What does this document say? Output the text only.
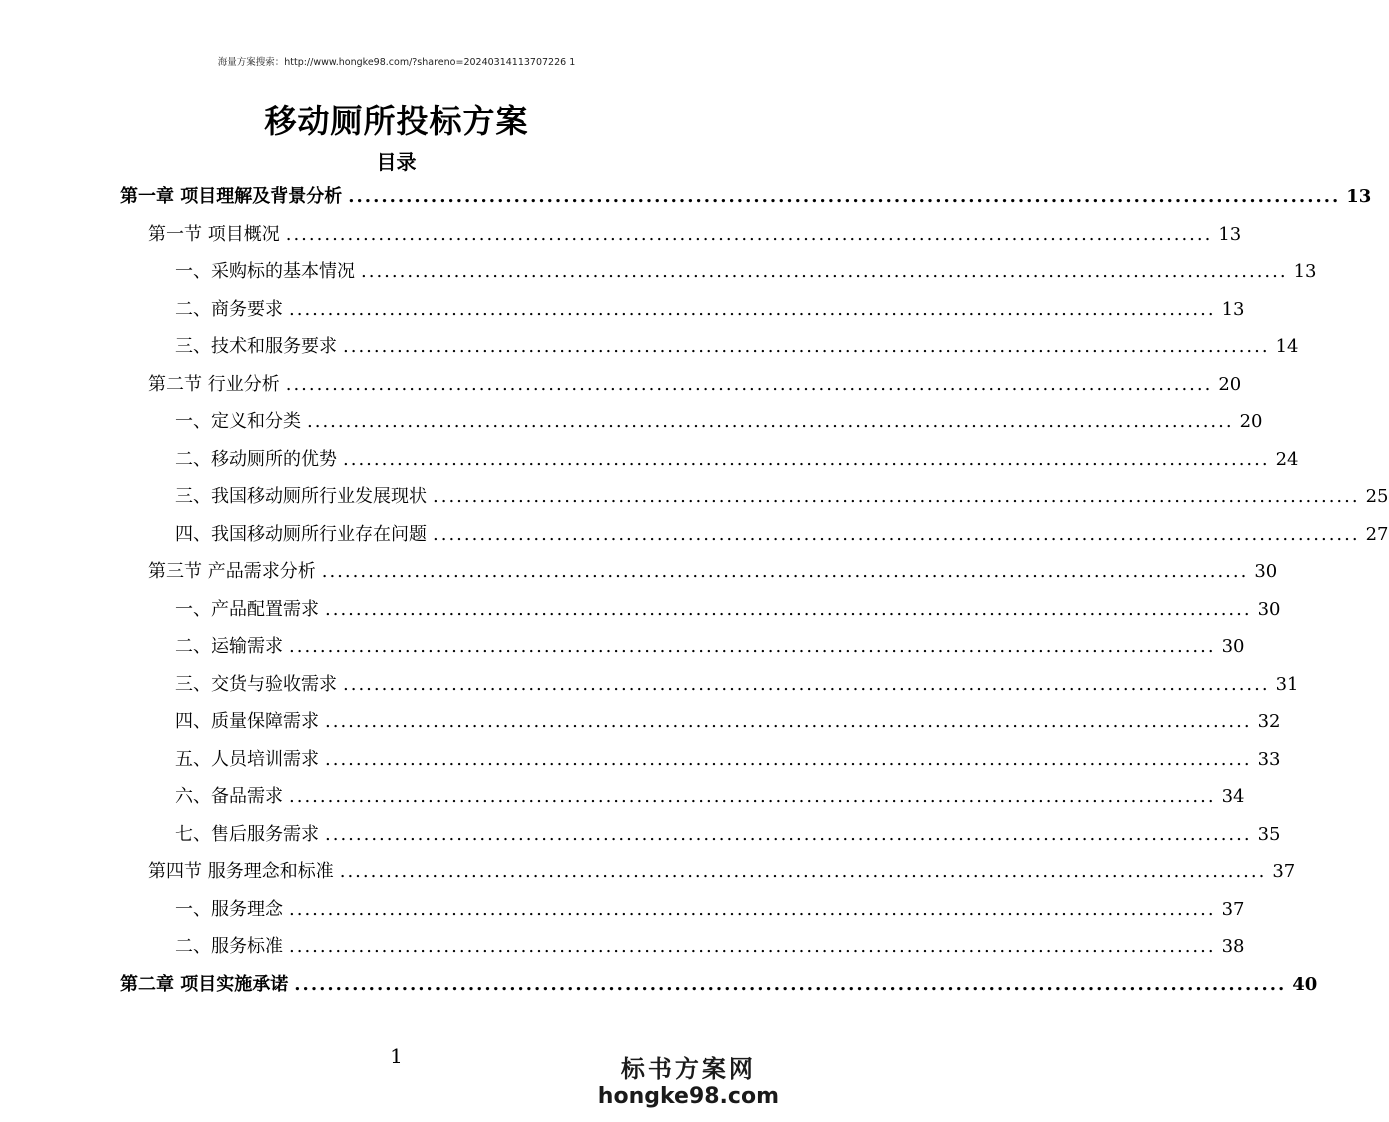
海量方案搜索：http://www.hongke98.com/?shareno=20240314113707226 1
移动厕所投标方案
目录
第一章 项目理解及背景分析 ........................................................................................................................ 13
第一节 项目概况 ........................................................................................................................ 13
一、采购标的基本情况 ........................................................................................................................ 13
二、商务要求 ........................................................................................................................ 13
三、技术和服务要求 ........................................................................................................................ 14
第二节 行业分析 ........................................................................................................................ 20
一、定义和分类 ........................................................................................................................ 20
二、移动厕所的优势 ........................................................................................................................ 24
三、我国移动厕所行业发展现状 ........................................................................................................................ 25
四、我国移动厕所行业存在问题 ........................................................................................................................ 27
第三节 产品需求分析 ........................................................................................................................ 30
一、产品配置需求 ........................................................................................................................ 30
二、运输需求 ........................................................................................................................ 30
三、交货与验收需求 ........................................................................................................................ 31
四、质量保障需求 ........................................................................................................................ 32
五、人员培训需求 ........................................................................................................................ 33
六、备品需求 ........................................................................................................................ 34
七、售后服务需求 ........................................................................................................................ 35
第四节 服务理念和标准 ........................................................................................................................ 37
一、服务理念 ........................................................................................................................ 37
二、服务标准 ........................................................................................................................ 38
第二章 项目实施承诺 ........................................................................................................................ 40
1	标书方案网
hongke98.com
